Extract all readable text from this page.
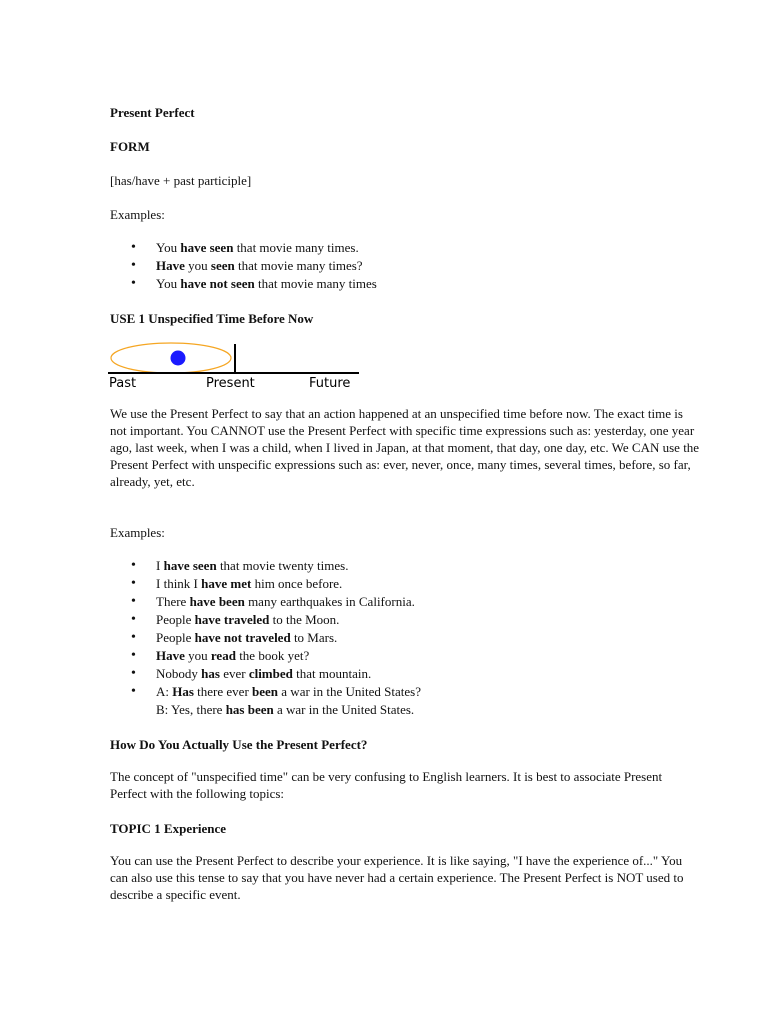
Present Perfect

FORM

[has/have + past participle]

Examples:

• You have seen that movie many times.
• Have you seen that movie many times?
• You have not seen that movie many times

USE 1 Unspecified Time Before Now

Past	Present	Future

We use the Present Perfect to say that an action happened at an unspecified time before now. The exact time is not important. You CANNOT use the Present Perfect with specific time expressions such as: yesterday, one year ago, last week, when I was a child, when I lived in Japan, at that moment, that day, one day, etc. We CAN use the Present Perfect with unspecific expressions such as: ever, never, once, many times, several times, before, so far, already, yet, etc.

Examples:

• I have seen that movie twenty times.
• I think I have met him once before.
• There have been many earthquakes in California.
• People have traveled to the Moon.
• People have not traveled to Mars.
• Have you read the book yet?
• Nobody has ever climbed that mountain.
• A: Has there ever been a war in the United States?
B: Yes, there has been a war in the United States.

How Do You Actually Use the Present Perfect?

The concept of "unspecified time" can be very confusing to English learners. It is best to associate Present Perfect with the following topics:

TOPIC 1 Experience

You can use the Present Perfect to describe your experience. It is like saying, "I have the experience of..." You can also use this tense to say that you have never had a certain experience. The Present Perfect is NOT used to describe a specific event.
